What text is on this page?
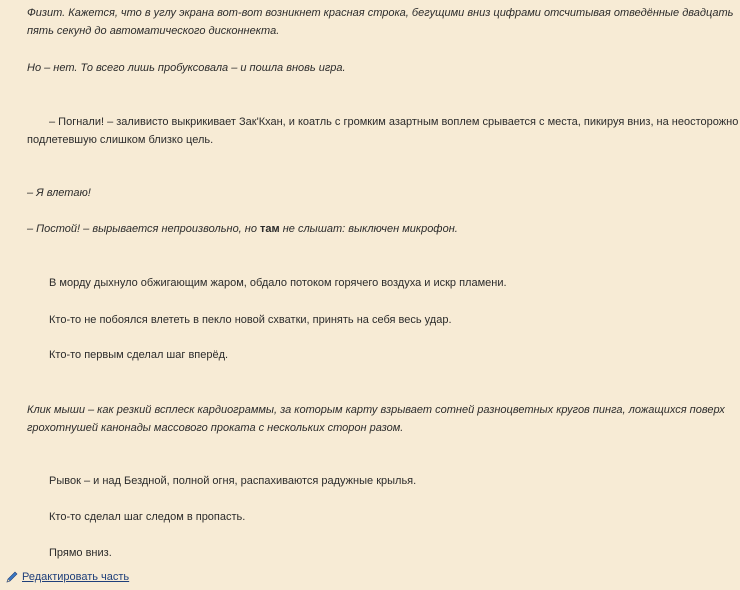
Физит. Кажется, что в углу экрана вот-вот возникнет красная строка, бегущими вниз цифрами отсчитывая отведённые двадцать пять секунд до автоматического дисконнекта.

Но – нет. То всего лишь пробуксовала – и пошла вновь игра.

– Погнали! – заливисто выкрикивает Зак'Кхан, и коатль с громким азартным воплем срывается с места, пикируя вниз, на неосторожно подлетевшую слишком близко цель.

– Я влетаю!

– Постой! – вырывается непроизвольно, но там не слышат: выключен микрофон.

В морду дыхнуло обжигающим жаром, обдало потоком горячего воздуха и искр пламени.

Кто-то не побоялся влететь в пекло новой схватки, принять на себя весь удар.

Кто-то первым сделал шаг вперёд.

Клик мыши – как резкий всплеск кардиограммы, за которым карту взрывает сотней разноцветных кругов пинга, ложащихся поверх грохотнушей канонады массового проката с нескольких сторон разом.

Рывок – и над Бездной, полной огня, распахиваются радужные крылья.

Кто-то сделал шаг следом в пропасть.

Прямо вниз.

Редактировать часть
